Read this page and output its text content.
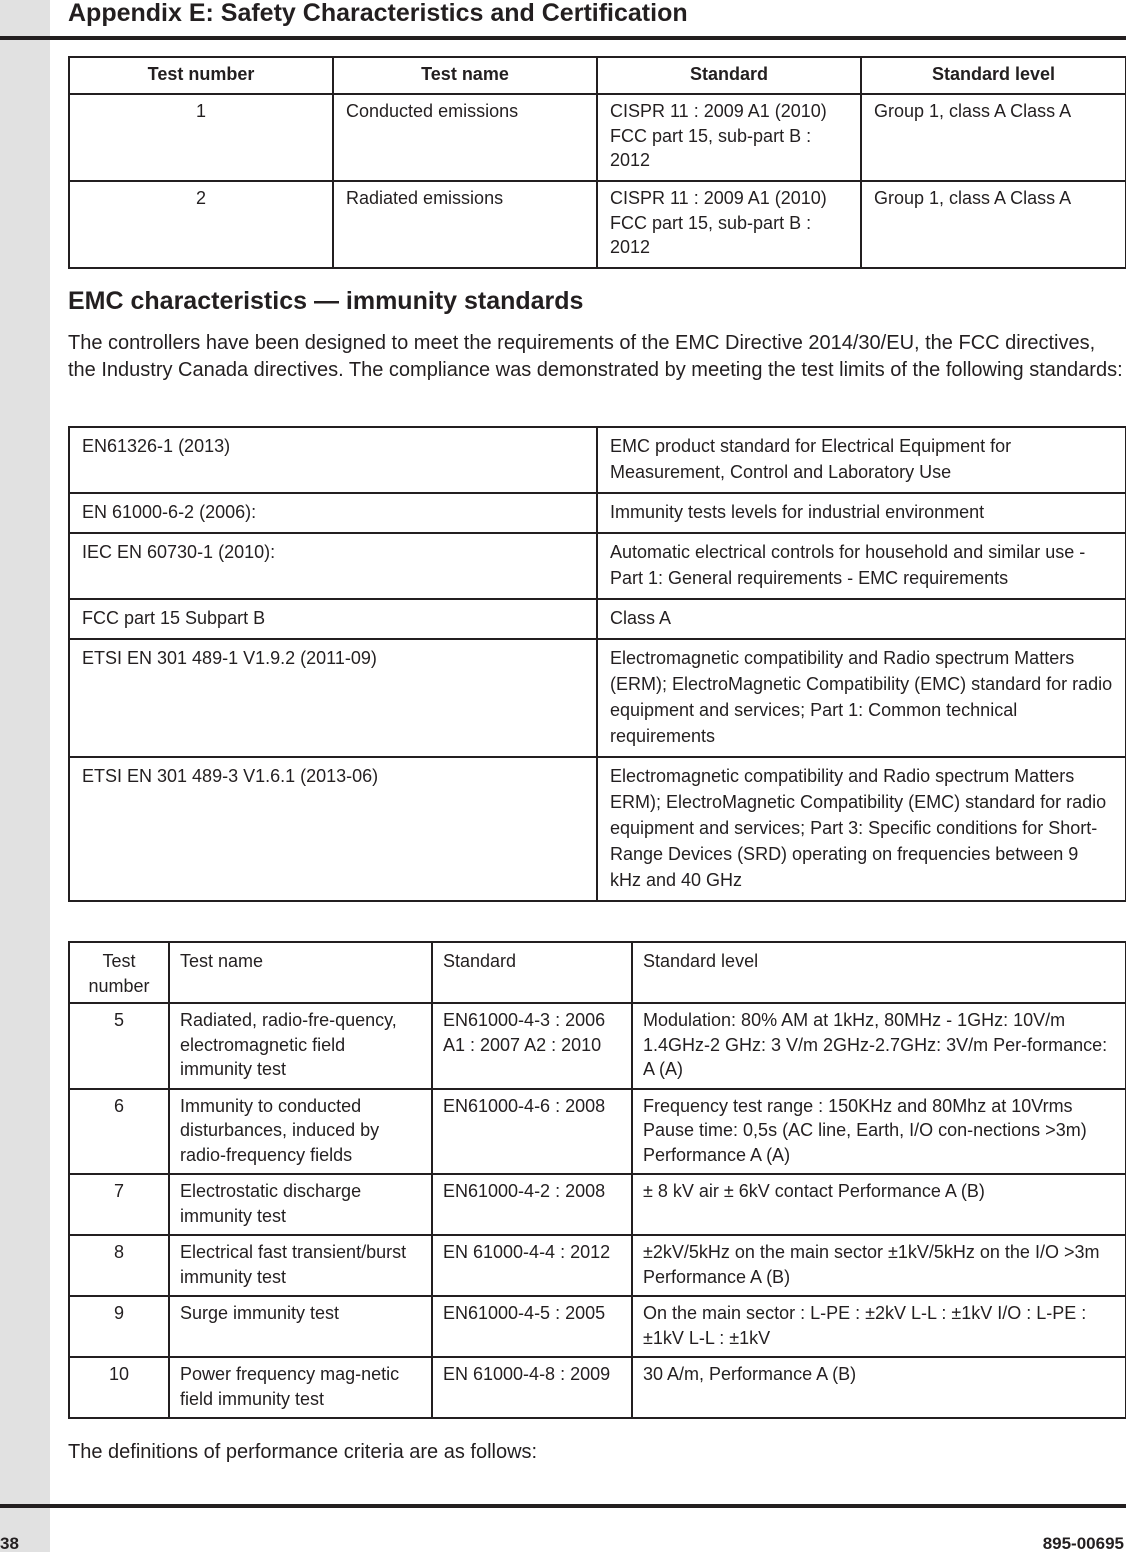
Appendix E: Safety Characteristics and Certification
Test number	Test name	Standard	Standard level
1	Conducted emissions	CISPR 11 : 2009 A1 (2010) FCC part 15, sub-part B : 2012	Group 1, class A Class A
2	Radiated emissions	CISPR 11 : 2009 A1 (2010) FCC part 15, sub-part B : 2012	Group 1, class A Class A
EMC characteristics — immunity standards

The controllers have been designed to meet the requirements of the EMC Directive 2014/30/EU, the FCC directives, the Industry Canada directives. The compliance was demonstrated by meeting the test limits of the following standards:

EN61326-1 (2013)	EMC product standard for Electrical Equipment for Measurement, Control and Laboratory Use
EN 61000-6-2 (2006):	Immunity tests levels for industrial environment
IEC EN 60730-1 (2010):	Automatic electrical controls for household and similar use - Part 1: General requirements - EMC requirements
FCC part 15 Subpart B	Class A
ETSI EN 301 489-1 V1.9.2 (2011-09)	Electromagnetic compatibility and Radio spectrum Matters (ERM); ElectroMagnetic Compatibility (EMC) standard for radio equipment and services; Part 1: Common technical requirements
ETSI EN 301 489-3 V1.6.1 (2013-06)	Electromagnetic compatibility and Radio spectrum Matters ERM); ElectroMagnetic Compatibility (EMC) standard for radio equipment and services; Part 3: Specific conditions for Short-Range Devices (SRD) operating on frequencies between 9 kHz and 40 GHz
Test number	Test name	Standard	Standard level
5	Radiated, radio-fre-quency, electromagnetic field immunity test	EN61000-4-3 : 2006 A1 : 2007 A2 : 2010	Modulation: 80% AM at 1kHz, 80MHz - 1GHz: 10V/m 1.4GHz-2 GHz: 3 V/m 2GHz-2.7GHz: 3V/m Per-formance: A (A)
6	Immunity to conducted disturbances, induced by radio-frequency fields	EN61000-4-6 : 2008	Frequency test range : 150KHz and 80Mhz at 10Vrms Pause time: 0,5s (AC line, Earth, I/O con-nections >3m) Performance A (A)
7	Electrostatic discharge immunity test	EN61000-4-2 : 2008	± 8 kV air ± 6kV contact Performance A (B)
8	Electrical fast transient/burst immunity test	EN 61000-4-4 : 2012	±2kV/5kHz on the main sector ±1kV/5kHz on the I/O >3m Performance A (B)
9	Surge immunity test	EN61000-4-5 : 2005	On the main sector : L-PE : ±2kV L-L : ±1kV I/O : L-PE : ±1kV L-L : ±1kV
10	Power frequency mag-netic field immunity test	EN 61000-4-8 : 2009	30 A/m, Performance A (B)

The definitions of performance criteria are as follows:

38	895-00695
